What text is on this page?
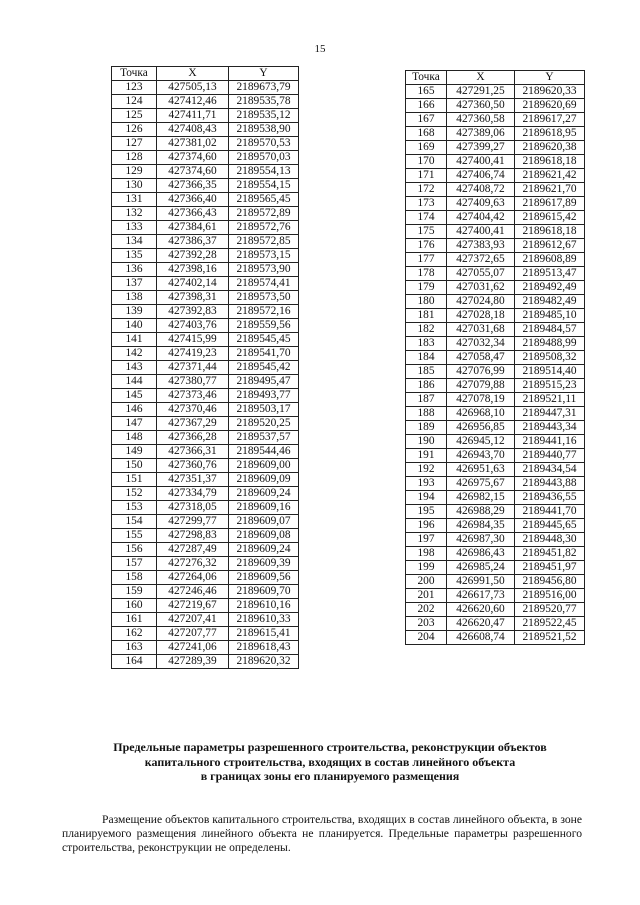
15
Точка	X	Y
123	427505,13	2189673,79
124	427412,46	2189535,78
125	427411,71	2189535,12
126	427408,43	2189538,90
127	427381,02	2189570,53
128	427374,60	2189570,03
129	427374,60	2189554,13
130	427366,35	2189554,15
131	427366,40	2189565,45
132	427366,43	2189572,89
133	427384,61	2189572,76
134	427386,37	2189572,85
135	427392,28	2189573,15
136	427398,16	2189573,90
137	427402,14	2189574,41
138	427398,31	2189573,50
139	427392,83	2189572,16
140	427403,76	2189559,56
141	427415,99	2189545,45
142	427419,23	2189541,70
143	427371,44	2189545,42
144	427380,77	2189495,47
145	427373,46	2189493,77
146	427370,46	2189503,17
147	427367,29	2189520,25
148	427366,28	2189537,57
149	427366,31	2189544,46
150	427360,76	2189609,00
151	427351,37	2189609,09
152	427334,79	2189609,24
153	427318,05	2189609,16
154	427299,77	2189609,07
155	427298,83	2189609,08
156	427287,49	2189609,24
157	427276,32	2189609,39
158	427264,06	2189609,56
159	427246,46	2189609,70
160	427219,67	2189610,16
161	427207,41	2189610,33
162	427207,77	2189615,41
163	427241,06	2189618,43
164	427289,39	2189620,32
Точка	X	Y
165	427291,25	2189620,33
166	427360,50	2189620,69
167	427360,58	2189617,27
168	427389,06	2189618,95
169	427399,27	2189620,38
170	427400,41	2189618,18
171	427406,74	2189621,42
172	427408,72	2189621,70
173	427409,63	2189617,89
174	427404,42	2189615,42
175	427400,41	2189618,18
176	427383,93	2189612,67
177	427372,65	2189608,89
178	427055,07	2189513,47
179	427031,62	2189492,49
180	427024,80	2189482,49
181	427028,18	2189485,10
182	427031,68	2189484,57
183	427032,34	2189488,99
184	427058,47	2189508,32
185	427076,99	2189514,40
186	427079,88	2189515,23
187	427078,19	2189521,11
188	426968,10	2189447,31
189	426956,85	2189443,34
190	426945,12	2189441,16
191	426943,70	2189440,77
192	426951,63	2189434,54
193	426975,67	2189443,88
194	426982,15	2189436,55
195	426988,29	2189441,70
196	426984,35	2189445,65
197	426987,30	2189448,30
198	426986,43	2189451,82
199	426985,24	2189451,97
200	426991,50	2189456,80
201	426617,73	2189516,00
202	426620,60	2189520,77
203	426620,47	2189522,45
204	426608,74	2189521,52
Предельные параметры разрешенного строительства, реконструкции объектов
капитального строительства, входящих в состав линейного объекта
в границах зоны его планируемого размещения

Размещение объектов капитального строительства, входящих в состав линейного объекта, в зоне планируемого размещения линейного объекта не планируется. Предельные параметры разрешенного строительства, реконструкции не определены.
